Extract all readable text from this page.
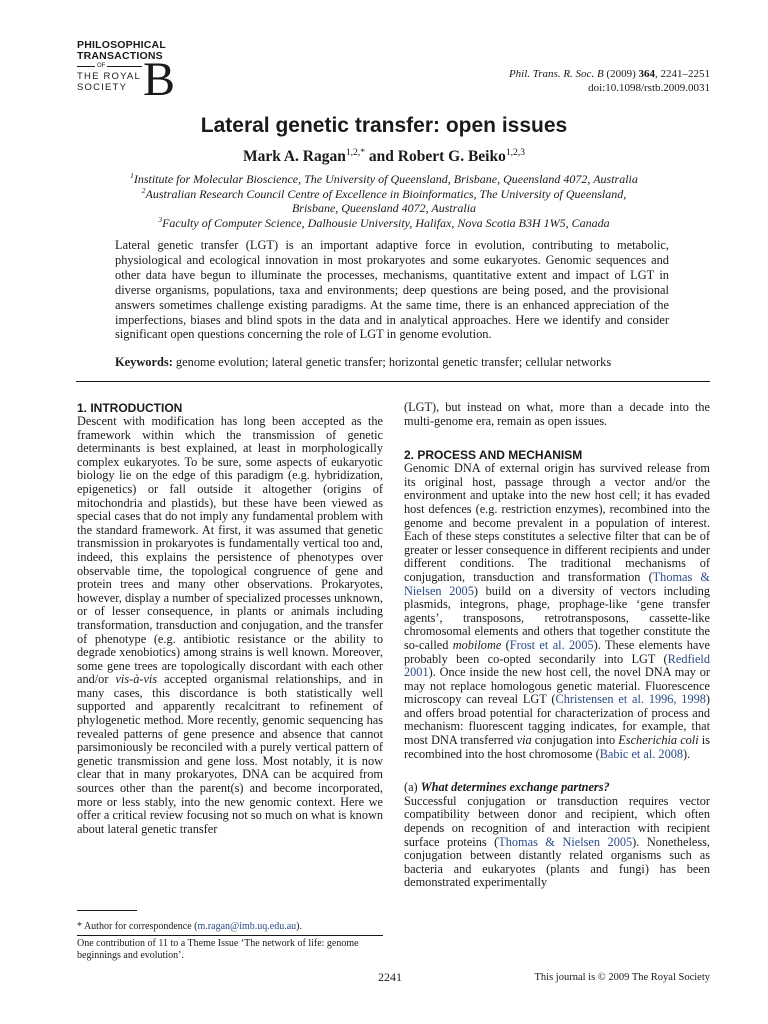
PHILOSOPHICAL
TRANSACTIONS
OF
THE ROYAL
SOCIETY B	Phil. Trans. R. Soc. B (2009) 364, 2241–2251
doi:10.1098/rstb.2009.0031
Lateral genetic transfer: open issues
Mark A. Ragan$^{1,2,*}$ and Robert G. Beiko$^{1,2,3}$
$^1$Institute for Molecular Bioscience, The University of Queensland, Brisbane, Queensland 4072, Australia
$^2$Australian Research Council Centre of Excellence in Bioinformatics, The University of Queensland,
Brisbane, Queensland 4072, Australia
$^3$Faculty of Computer Science, Dalhousie University, Halifax, Nova Scotia B3H 1W5, Canada
Lateral genetic transfer (LGT) is an important adaptive force in evolution, contributing to metabolic, physiological and ecological innovation in most prokaryotes and some eukaryotes. Genomic sequences and other data have begun to illuminate the processes, mechanisms, quantitative extent and impact of LGT in diverse organisms, populations, taxa and environments; deep questions are being posed, and the provisional answers sometimes challenge existing paradigms. At the same time, there is an enhanced appreciation of the imperfections, biases and blind spots in the data and in analytical approaches. Here we identify and consider significant open questions concerning the role of LGT in genome evolution.
Keywords: genome evolution; lateral genetic transfer; horizontal genetic transfer; cellular networks
1. INTRODUCTION

Descent with modification has long been accepted as the framework within which the transmission of genetic determinants is best explained, at least in morphologically complex eukaryotes. To be sure, some aspects of eukaryotic biology lie on the edge of this paradigm (e.g. hybridization, epigenetics) or fall outside it altogether (origins of mitochondria and plastids), but these have been viewed as special cases that do not imply any fundamental problem with the standard framework. At first, it was assumed that genetic transmission in prokaryotes is fundamentally vertical too and, indeed, this explains the persistence of phenotypes over observable time, the topological congruence of gene and protein trees and many other observations. Prokaryotes, however, display a number of specialized processes unknown, or of lesser consequence, in plants or animals including transformation, transduction and conjugation, and the transfer of phenotype (e.g. antibiotic resistance or the ability to degrade xenobiotics) among strains is well known. Moreover, some gene trees are topologically discordant with each other and/or vis-à-vis accepted organismal relationships, and in many cases, this discordance is both statistically well supported and apparently recalcitrant to refinement of phylogenetic method. More recently, genomic sequencing has revealed patterns of gene presence and absence that cannot parsimoniously be reconciled with a purely vertical pattern of genetic transmission and gene loss. Most notably, it is now clear that in many prokaryotes, DNA can be acquired from sources other than the parent(s) and become incorporated, more or less stably, into the new genomic context. Here we offer a critical review focusing not so much on what is known about lateral genetic transfer

(LGT), but instead on what, more than a decade into the multi-genome era, remain as open issues.

2. PROCESS AND MECHANISM

Genomic DNA of external origin has survived release from its original host, passage through a vector and/or the environment and uptake into the new host cell; it has evaded host defences (e.g. restriction enzymes), recombined into the genome and become prevalent in a population of interest. Each of these steps constitutes a selective filter that can be of greater or lesser consequence in different recipients and under different conditions. The traditional mechanisms of conjugation, transduction and transformation (Thomas & Nielsen 2005) build on a diversity of vectors including plasmids, integrons, phage, prophage-like ‘gene transfer agents’, transposons, retrotransposons, cassette-like chromosomal elements and others that together constitute the so-called mobilome (Frost et al. 2005). These elements have probably been co-opted secondarily into LGT (Redfield 2001). Once inside the new host cell, the novel DNA may or may not replace homologous genetic material. Fluorescence microscopy can reveal LGT (Christensen et al. 1996, 1998) and offers broad potential for characterization of process and mechanism: fluorescent tagging indicates, for example, that most DNA transferred via conjugation into Escherichia coli is recombined into the host chromosome (Babic et al. 2008).

(a) What determines exchange partners?

Successful conjugation or transduction requires vector compatibility between donor and recipient, which often depends on recognition of and interaction with recipient surface proteins (Thomas & Nielsen 2005). Nonetheless, conjugation between distantly related organisms such as bacteria and eukaryotes (plants and fungi) has been demonstrated experimentally

* Author for correspondence (m.ragan@imb.uq.edu.au).
One contribution of 11 to a Theme Issue ‘The network of life: genome beginnings and evolution’.
2241	This journal is © 2009 The Royal Society
